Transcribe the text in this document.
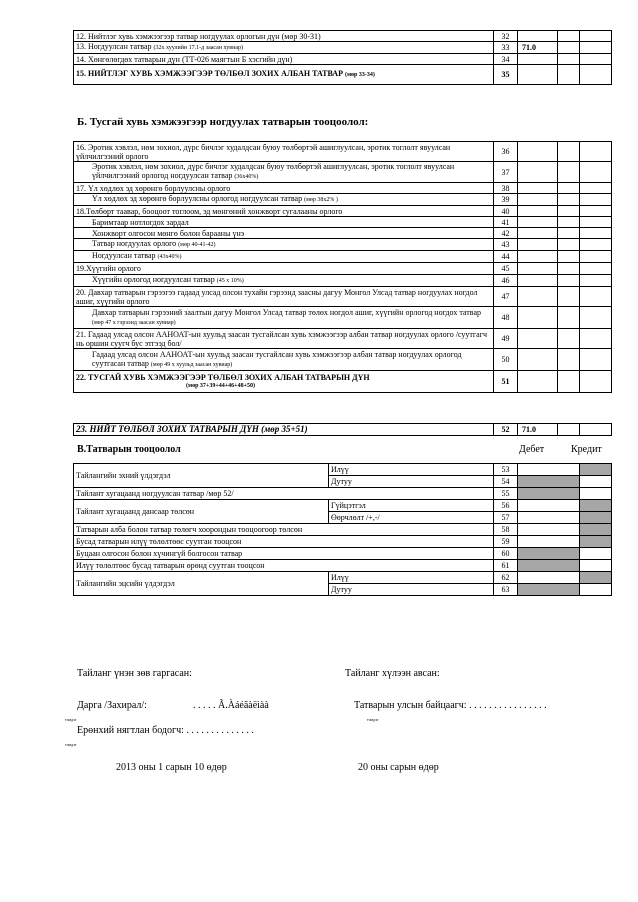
12. Нийтлэг хувь хэмжээгээр татвар ногдуулах орлогын дүн (мөр 30-31)	32			
13. Ногдуулсан татвар (32х хуулийн 17.1-д заасан хувиар)	33	71.0		
14. Хөнгөлөгдөх татварын дүн (ТТ-026 маягтын Б хэсгийн дүн)	34			
15. НИЙТЛЭГ ХУВЬ ХЭМЖЭЭГЭЭР ТӨЛБӨЛ ЗОХИХ АЛБАН ТАТВАР (мөр 33-34)	35			
Б. Тусгай хувь хэмжээгээр ногдуулах татварын тооцоолол:
16. Эротик хэвлэл, нөм зохиол, дүрс бичлэг худалдсан буюу төлбөртэй ашиглуулсан, эротик тоглолт явуулсан үйлчилгээний орлого	36			
Эротик хэвлэл, нөм зохиол, дүрс бичлэг худалдсан буюу төлбөртэй ашиглуулсан, эротик тоглолт явуулсан үйлчилгээний орлогод ногдуулсан татвар (36х40%)	37			
17. Үл хөдлөх эд хөрөнгө борлуулсны орлого	38			
Үл хөдлөх эд хөрөнгө борлуулсны орлогод ногдуулсан татвар (мөр 38х2% )	39			
18.Төлбөрт таавар, бооцоот тоглоом, эд мөнгөний хонжворт сугалааны орлого	40			
Баримтаар нотлогдох зардал	41			
Хонжворт олгосон мөнгө болон барааны үнэ	42			
Татвар ногдуулах орлого (мөр 40-41-42)	43			
Ногдуулсан татвар (43х40%)	44			
19.Хүүгийн орлого	45			
Хүүгийн орлогод ногдуулсан татвар (45 х 10%)	46			
20. Давхар татварын гэрээгээ гадаад улсад олсон тухайн гэрээнд заасны дагуу Монгол Улсад татвар ногдуулах ногдол ашиг, хүүгийн орлого	47			
Давхар татварын гэрээний заалтын дагуу Монгол Улсад татвар төлөх ногдол ашиг, хүүгийн орлогод ногдох татвар (мөр 47 х гэрээнд заасан хувиар)	48			
21. Гадаад улсад олсон ААНОАТ-ын хуульд заасан тусгайлсан хувь хэмжээгээр албан татвар ногдуулах орлого /суутгагч нь оршин суугч бус этгээд бол/	49			
Гадаад улсад олсон ААНОАТ-ын хуульд заасан тусгайлсан хувь хэмжээгээр албан татвар ногдуулах орлогод суутгасан татвар (мөр 49 х хуульд заасан хувиар)	50			

22. ТУСГАЙ ХУВЬ ХЭМЖЭЭГЭЭР ТӨЛБӨЛ ЗОХИХ АЛБАН ТАТВАРЫН ДҮН
(мөр 37+39+44+46+48+50)	51			
23. НИЙТ ТӨЛБӨЛ ЗОХИХ ТАТВАРЫН ДҮН (мөр 35+51)	52	71.0		
В.Татварын тооцоолол	Дебет	Кредит
Тайлангийн эхний үлдэгдэл	Илүү	53		
	Дутуу	54		
Тайлант хугацаанд ногдуулсан татвар /мөр 52/		55		
Тайлант хугацаанд дансаар төлсөн	Гүйцэтгэл	56		
	Өөрчлөлт /+,-/	57		
Татварын алба болон татвар төлөгч хоорондын тооцоогоор төлсөн		58		
Бусад татварын илүү төлөлтөөс суутган тооцсон		59		
Буцаан олгосон болон хүчингүй болгосон татвар		60		
Илүү төлөлтөөс бусад татварын өрөнд суутган тооцсон		61		
Тайлангийн эцсийн үлдэгдэл	Илүү	62		
	Дутуу	63		
Тайланг үнэн зөв гаргасан:	Тайланг хүлээн авсан:
Дарга /Захирал/:	. . . . . Ã.Àáéãàëìàà	Татварын улсын байцаагч: . . . . . . . . . . . . . . . .
тэмдэг	тэмдэг
Ерөнхий нягтлан бодогч: . . . . . . . . . . . . . .
тэмдэг
2013 оны 1 сарын 10 өдөр	20 оны сарын өдөр
